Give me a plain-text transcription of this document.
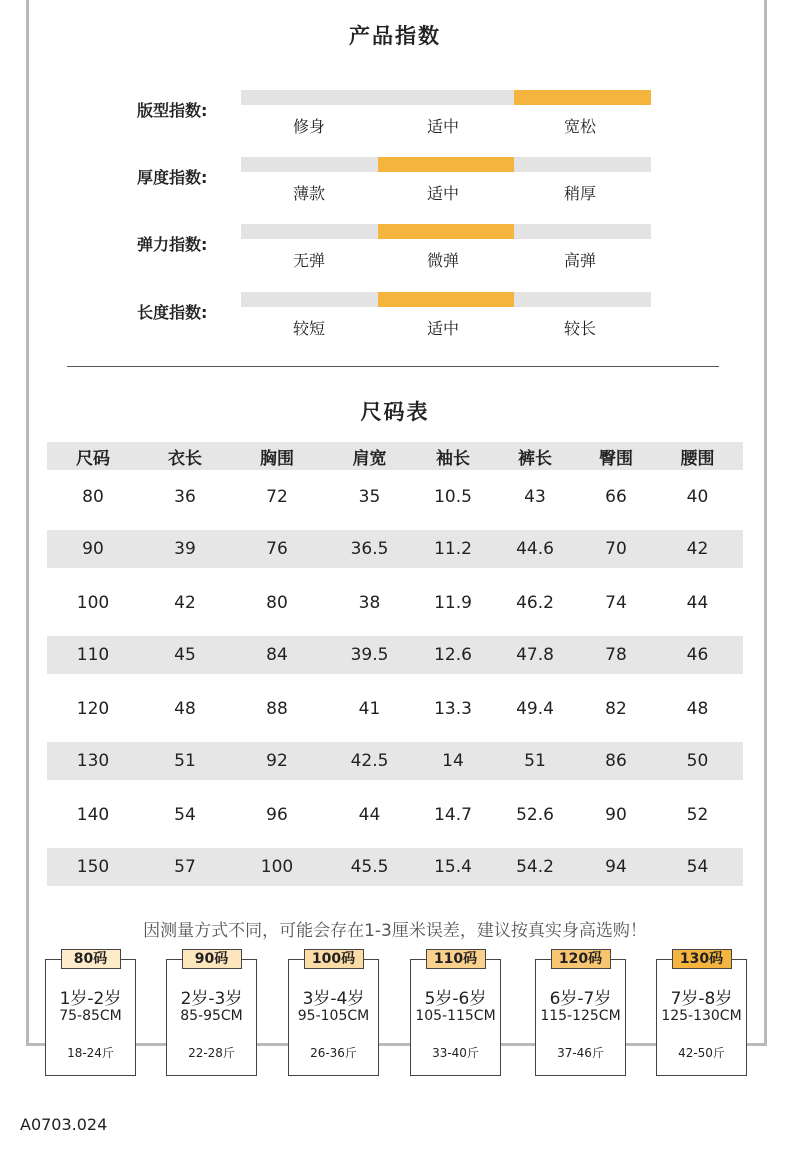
产品指数
版型指数:
修身	适中	宽松
厚度指数:
薄款	适中	稍厚
弹力指数:
无弹	微弹	高弹
长度指数:
较短	适中	较长
尺码表
尺码	衣长	胸围	肩宽	袖长	裤长	臀围	腰围
80	36	72	35	10.5	43	66	40
90	39	76	36.5	11.2	44.6	70	42
100	42	80	38	11.9	46.2	74	44
110	45	84	39.5	12.6	47.8	78	46
120	48	88	41	13.3	49.4	82	48
130	51	92	42.5	14	51	86	50
140	54	96	44	14.7	52.6	90	52
150	57	100	45.5	15.4	54.2	94	54
因测量方式不同，可能会存在1-3厘米误差，建议按真实身高选购！
80码
1岁-2岁
75-85CM
18-24斤
90码
2岁-3岁
85-95CM
22-28斤
100码
3岁-4岁
95-105CM
26-36斤
110码
5岁-6岁
105-115CM
33-40斤
120码
6岁-7岁
115-125CM
37-46斤
130码
7岁-8岁
125-130CM
42-50斤
A0703.024
